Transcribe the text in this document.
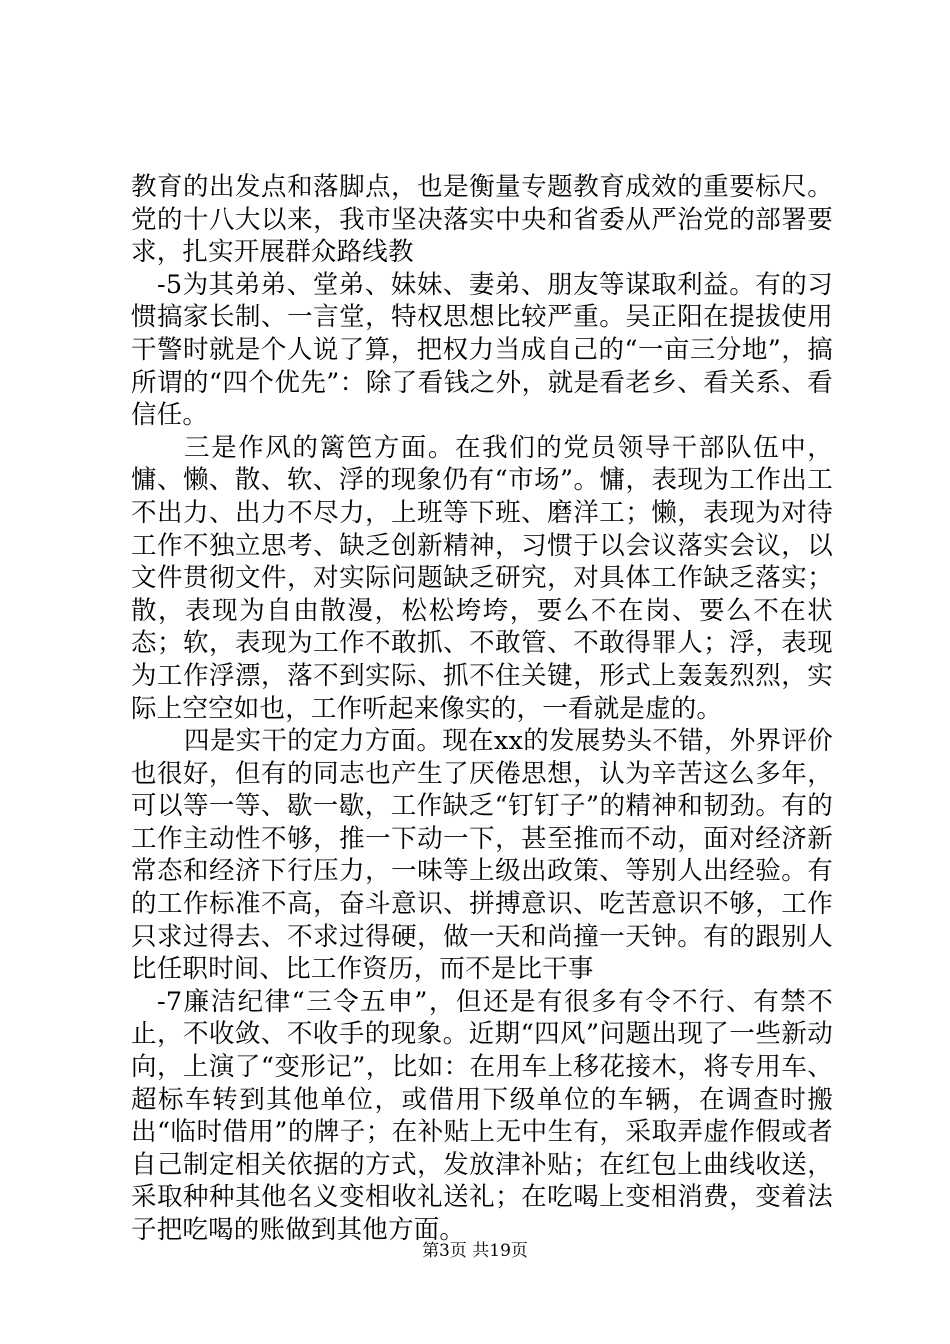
教育的出发点和落脚点，也是衡量专题教育成效的重要标尺。党的十八大以来，我市坚决落实中央和省委从严治党的部署要求，扎实开展群众路线教

-5为其弟弟、堂弟、妹妹、妻弟、朋友等谋取利益。有的习惯搞家长制、一言堂，特权思想比较严重。吴正阳在提拔使用干警时就是个人说了算，把权力当成自己的“一亩三分地”，搞所谓的“四个优先”：除了看钱之外，就是看老乡、看关系、看信任。

三是作风的篱笆方面。在我们的党员领导干部队伍中，慵、懒、散、软、浮的现象仍有“市场”。慵，表现为工作出工不出力、出力不尽力，上班等下班、磨洋工；懒，表现为对待工作不独立思考、缺乏创新精神，习惯于以会议落实会议，以文件贯彻文件，对实际问题缺乏研究，对具体工作缺乏落实；散，表现为自由散漫，松松垮垮，要么不在岗、要么不在状态；软，表现为工作不敢抓、不敢管、不敢得罪人；浮，表现为工作浮漂，落不到实际、抓不住关键，形式上轰轰烈烈，实际上空空如也，工作听起来像实的，一看就是虚的。

四是实干的定力方面。现在xx的发展势头不错，外界评价也很好，但有的同志也产生了厌倦思想，认为辛苦这么多年，可以等一等、歇一歇，工作缺乏“钉钉子”的精神和韧劲。有的工作主动性不够，推一下动一下，甚至推而不动，面对经济新常态和经济下行压力，一味等上级出政策、等别人出经验。有的工作标准不高，奋斗意识、拼搏意识、吃苦意识不够，工作只求过得去、不求过得硬，做一天和尚撞一天钟。有的跟别人比任职时间、比工作资历，而不是比干事

-7廉洁纪律“三令五申”，但还是有很多有令不行、有禁不止，不收敛、不收手的现象。近期“四风”问题出现了一些新动向，上演了“变形记”，比如：在用车上移花接木，将专用车、超标车转到其他单位，或借用下级单位的车辆，在调查时搬出“临时借用”的牌子；在补贴上无中生有，采取弄虚作假或者自己制定相关依据的方式，发放津补贴；在红包上曲线收送，采取种种其他名义变相收礼送礼；在吃喝上变相消费，变着法子把吃喝的账做到其他方面。

第3页 共19页
